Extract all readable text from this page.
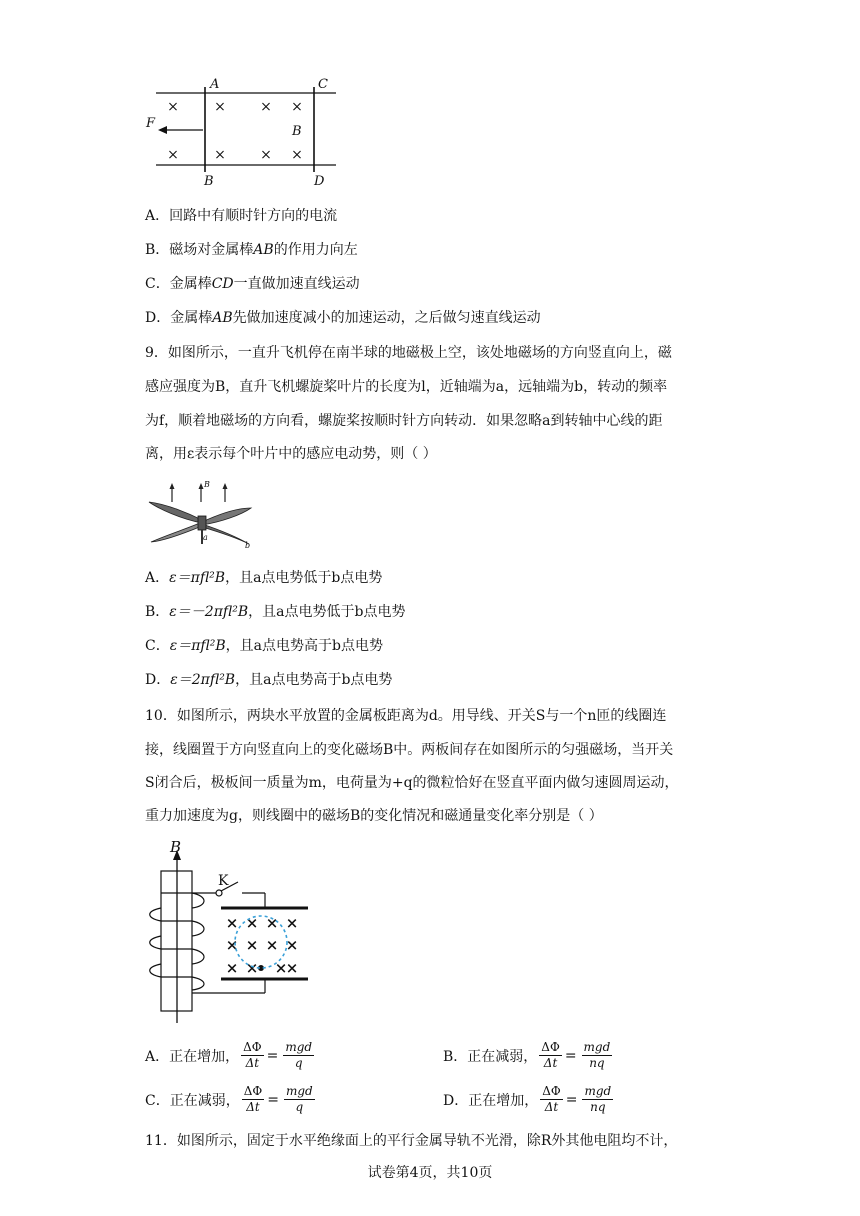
×	× × ×
×	× × ×
A	C
B	D
F
B
A．回路中有顺时针方向的电流
B．磁场对金属棒AB的作用力向左
C．金属棒CD一直做加速直线运动
D．金属棒AB先做加速度减小的加速运动，之后做匀速直线运动
9．如图所示，一直升飞机停在南半球的地磁极上空，该处地磁场的方向竖直向上，磁
感应强度为B，直升飞机螺旋桨叶片的长度为l，近轴端为a，远轴端为b，转动的频率
为f，顺着地磁场的方向看，螺旋桨按顺时针方向转动．如果忽略a到转轴中心线的距
离，用ε表示每个叶片中的感应电动势，则（ ）
B
a
b
A．ε＝πfl²B，且a点电势低于b点电势
B．ε＝－2πfl²B，且a点电势低于b点电势
C．ε＝πfl²B，且a点电势高于b点电势
D．ε＝2πfl²B，且a点电势高于b点电势
10．如图所示，两块水平放置的金属板距离为d。用导线、开关S与一个n匝的线圈连
接，线圈置于方向竖直向上的变化磁场B中。两板间存在如图所示的匀强磁场，当开关
S闭合后，极板间一质量为m，电荷量为+q的微粒恰好在竖直平面内做匀速圆周运动，
重力加速度为g，则线圈中的磁场B的变化情况和磁通量变化率分别是（ ）
B
K
× × × ×
× × × ×
× × ×
×
A． 正在增加， $\frac{\Delta\Phi}{\Delta t} = \frac{\text{mgd}}{q}$	B． 正在减弱， $\frac{\Delta\Phi}{\Delta t} = \frac{\text{mgd}}{nq}$
C． 正在减弱， $\frac{\Delta\Phi}{\Delta t} = \frac{\text{mgd}}{q}$	D． 正在增加， $\frac{\Delta\Phi}{\Delta t} = \frac{\text{mgd}}{nq}$
11．如图所示，固定于水平绝缘面上的平行金属导轨不光滑，除R外其他电阻均不计，
试卷第4页，共10页
